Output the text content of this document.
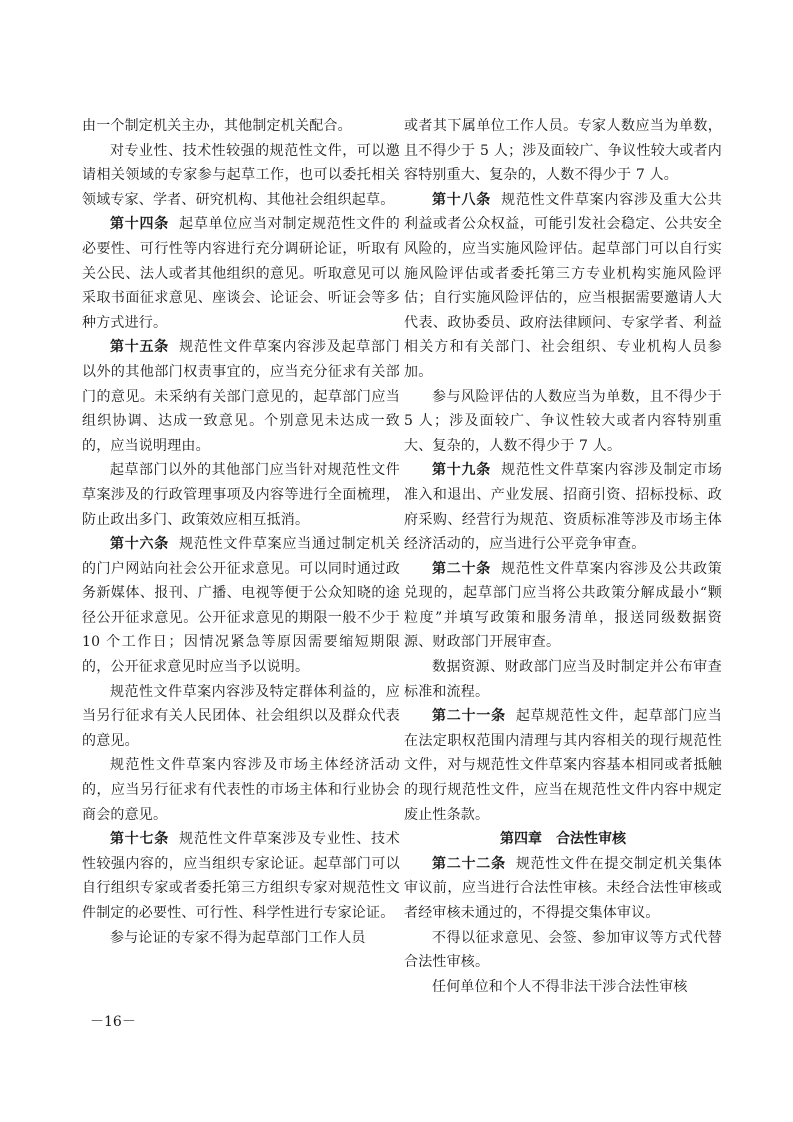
由一个制定机关主办，其他制定机关配合。

对专业性、技术性较强的规范性文件，可以邀请相关领域的专家参与起草工作，也可以委托相关领域专家、学者、研究机构、其他社会组织起草。

第十四条 起草单位应当对制定规范性文件的必要性、可行性等内容进行充分调研论证，听取有关公民、法人或者其他组织的意见。听取意见可以采取书面征求意见、座谈会、论证会、听证会等多种方式进行。

第十五条 规范性文件草案内容涉及起草部门以外的其他部门权责事宜的，应当充分征求有关部门的意见。未采纳有关部门意见的，起草部门应当组织协调、达成一致意见。个别意见未达成一致的，应当说明理由。

起草部门以外的其他部门应当针对规范性文件草案涉及的行政管理事项及内容等进行全面梳理，防止政出多门、政策效应相互抵消。

第十六条 规范性文件草案应当通过制定机关的门户网站向社会公开征求意见。可以同时通过政务新媒体、报刊、广播、电视等便于公众知晓的途径公开征求意见。公开征求意见的期限一般不少于 10 个工作日；因情况紧急等原因需要缩短期限的，公开征求意见时应当予以说明。

规范性文件草案内容涉及特定群体利益的，应当另行征求有关人民团体、社会组织以及群众代表的意见。

规范性文件草案内容涉及市场主体经济活动的，应当另行征求有代表性的市场主体和行业协会商会的意见。

第十七条 规范性文件草案涉及专业性、技术性较强内容的，应当组织专家论证。起草部门可以自行组织专家或者委托第三方组织专家对规范性文件制定的必要性、可行性、科学性进行专家论证。

参与论证的专家不得为起草部门工作人员

或者其下属单位工作人员。专家人数应当为单数，且不得少于 5 人；涉及面较广、争议性较大或者内容特别重大、复杂的，人数不得少于 7 人。

第十八条 规范性文件草案内容涉及重大公共利益或者公众权益，可能引发社会稳定、公共安全风险的，应当实施风险评估。起草部门可以自行实施风险评估或者委托第三方专业机构实施风险评估；自行实施风险评估的，应当根据需要邀请人大代表、政协委员、政府法律顾问、专家学者、利益相关方和有关部门、社会组织、专业机构人员参加。

参与风险评估的人数应当为单数，且不得少于 5 人；涉及面较广、争议性较大或者内容特别重大、复杂的，人数不得少于 7 人。

第十九条 规范性文件草案内容涉及制定市场准入和退出、产业发展、招商引资、招标投标、政府采购、经营行为规范、资质标准等涉及市场主体经济活动的，应当进行公平竞争审查。

第二十条 规范性文件草案内容涉及公共政策兑现的，起草部门应当将公共政策分解成最小“颗粒度”并填写政策和服务清单，报送同级数据资源、财政部门开展审查。

数据资源、财政部门应当及时制定并公布审查标准和流程。

第二十一条 起草规范性文件，起草部门应当在法定职权范围内清理与其内容相关的现行规范性文件，对与规范性文件草案内容基本相同或者抵触的现行规范性文件，应当在规范性文件内容中规定废止性条款。

第四章　合法性审核

第二十二条 规范性文件在提交制定机关集体审议前，应当进行合法性审核。未经合法性审核或者经审核未通过的，不得提交集体审议。

不得以征求意见、会签、参加审议等方式代替合法性审核。

任何单位和个人不得非法干涉合法性审核

－16－
